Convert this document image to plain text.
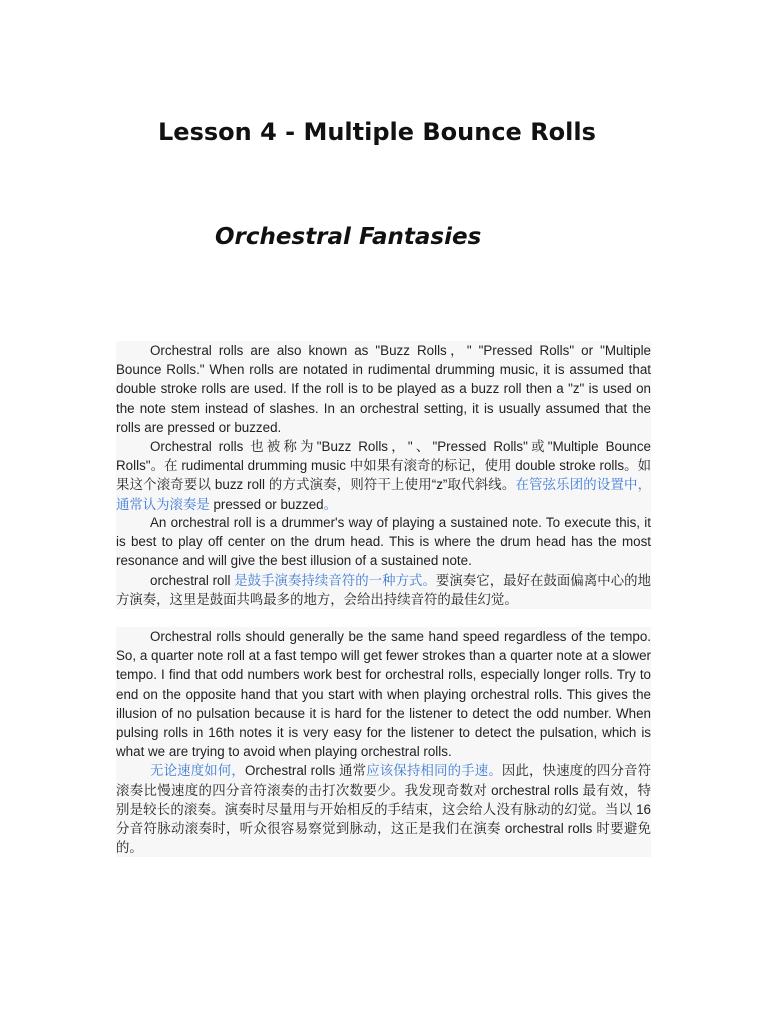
Lesson 4 - Multiple Bounce Rolls
Orchestral Fantasies

Orchestral rolls are also known as "Buzz Rolls，" "Pressed Rolls" or "Multiple Bounce Rolls." When rolls are notated in rudimental drumming music, it is assumed that double stroke rolls are used. If the roll is to be played as a buzz roll then a "z" is used on the note stem instead of slashes. In an orchestral setting, it is usually assumed that the rolls are pressed or buzzed.

Orchestral rolls 也被称为"Buzz Rolls，"、"Pressed Rolls"或"Multiple Bounce Rolls"。在 rudimental drumming music 中如果有滚奇的标记，使用 double stroke rolls。如果这个滚奇要以 buzz roll 的方式演奏，则符干上使用“z”取代斜线。在管弦乐团的设置中，通常认为滚奏是 pressed or buzzed。

An orchestral roll is a drummer's way of playing a sustained note. To execute this, it is best to play off center on the drum head. This is where the drum head has the most resonance and will give the best illusion of a sustained note.

orchestral roll 是鼓手演奏持续音符的一种方式。要演奏它，最好在鼓面偏离中心的地方演奏，这里是鼓面共鸣最多的地方，会给出持续音符的最佳幻觉。

Orchestral rolls should generally be the same hand speed regardless of the tempo. So, a quarter note roll at a fast tempo will get fewer strokes than a quarter note at a slower tempo. I find that odd numbers work best for orchestral rolls, especially longer rolls. Try to end on the opposite hand that you start with when playing orchestral rolls. This gives the illusion of no pulsation because it is hard for the listener to detect the odd number. When pulsing rolls in 16th notes it is very easy for the listener to detect the pulsation, which is what we are trying to avoid when playing orchestral rolls.

无论速度如何，Orchestral rolls 通常应该保持相同的手速。因此，快速度的四分音符滚奏比慢速度的四分音符滚奏的击打次数要少。我发现奇数对 orchestral rolls 最有效，特别是较长的滚奏。演奏时尽量用与开始相反的手结束，这会给人没有脉动的幻觉。当以 16 分音符脉动滚奏时，听众很容易察觉到脉动，这正是我们在演奏 orchestral rolls 时要避免的。
